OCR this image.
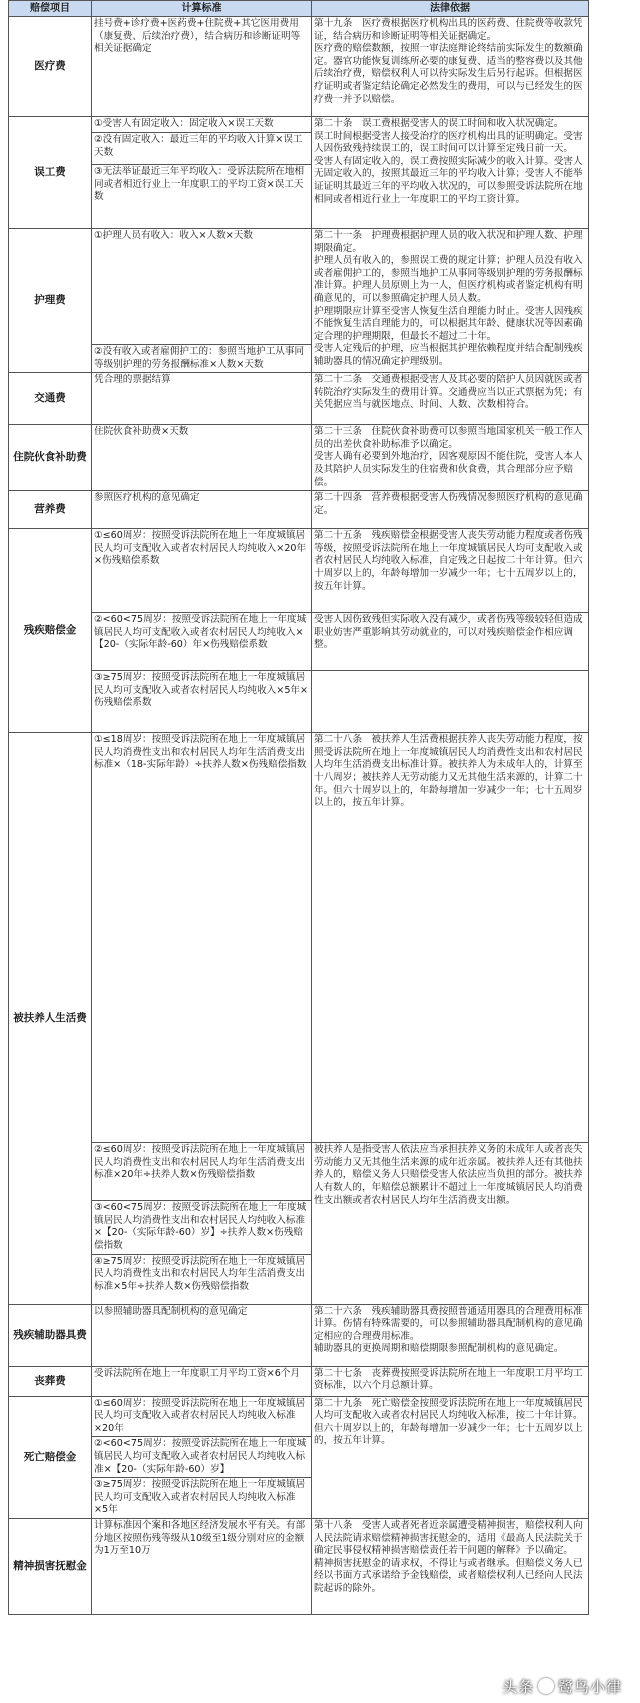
赔偿项目	计算标准	法律依据
医疗费	挂号费+诊疗费+医药费+住院费+其它医用费用（康复费、后续治疗费），结合病历和诊断证明等相关证据确定	第十九条　医疗费根据医疗机构出具的医药费、住院费等收款凭证，结合病历和诊断证明等相关证据确定。
医疗费的赔偿数额，按照一审法庭辩论终结前实际发生的数额确定。器官功能恢复训练所必要的康复费、适当的整容费以及其他后续治疗费，赔偿权利人可以待实际发生后另行起诉。但根据医疗证明或者鉴定结论确定必然发生的费用，可以与已经发生的医疗费一并予以赔偿。

误工费	①受害人有固定收入：固定收入×误工天数	第二十条　误工费根据受害人的误工时间和收入状况确定。
误工时间根据受害人接受治疗的医疗机构出具的证明确定。受害人因伤致残持续误工的，误工时间可以计算至定残日前一天。
受害人有固定收入的，误工费按照实际减少的收入计算。受害人无固定收入的，按照其最近三年的平均收入计算；受害人不能举证证明其最近三年的平均收入状况的，可以参照受诉法院所在地相同或者相近行业上一年度职工的平均工资计算。

	②没有固定收入：最近三年的平均收入计算×误工天数	

	③无法举证最近三年平均收入：受诉法院所在地相同或者相近行业上一年度职工的平均工资×误工天数	

护理费	①护理人员有收入：收入×人数×天数	第二十一条　护理费根据护理人员的收入状况和护理人数、护理期限确定。
护理人员有收入的，参照误工费的规定计算；护理人员没有收入或者雇佣护工的，参照当地护工从事同等级别护理的劳务报酬标准计算。护理人员原则上为一人，但医疗机构或者鉴定机构有明确意见的，可以参照确定护理人员人数。
护理期限应计算至受害人恢复生活自理能力时止。受害人因残疾不能恢复生活自理能力的，可以根据其年龄、健康状况等因素确定合理的护理期限，但最长不超过二十年。
受害人定残后的护理，应当根据其护理依赖程度并结合配制残疾辅助器具的情况确定护理级别。

	②没有收入或者雇佣护工的：参照当地护工从事同等级别护理的劳务报酬标准×人数×天数	

交通费	凭合理的票据结算	第二十二条　交通费根据受害人及其必要的陪护人员因就医或者转院治疗实际发生的费用计算。交通费应当以正式票据为凭；有关凭据应当与就医地点、时间、人数、次数相符合。

住院伙食补助费	住院伙食补助费×天数	第二十三条　住院伙食补助费可以参照当地国家机关一般工作人员的出差伙食补助标准予以确定。
受害人确有必要到外地治疗，因客观原因不能住院，受害人本人及其陪护人员实际发生的住宿费和伙食费，其合理部分应予赔偿。

营养费	参照医疗机构的意见确定	第二十四条　营养费根据受害人伤残情况参照医疗机构的意见确定。

残疾赔偿金	①≤60周岁：按照受诉法院所在地上一年度城镇居民人均可支配收入或者农村居民人均纯收入×20年×伤残赔偿系数	第二十五条　残疾赔偿金根据受害人丧失劳动能力程度或者伤残等级，按照受诉法院所在地上一年度城镇居民人均可支配收入或者农村居民人均纯收入标准，自定残之日起按二十年计算。但六十周岁以上的，年龄每增加一岁减少一年；七十五周岁以上的，按五年计算。

	②<60<75周岁：按照受诉法院所在地上一年度城镇居民人均可支配收入或者农村居民人均纯收入×【20-（实际年龄-60）年×伤残赔偿系数	受害人因伤致残但实际收入没有减少，或者伤残等级较轻但造成职业妨害严重影响其劳动就业的，可以对残疾赔偿金作相应调整。

	③≥75周岁：按照受诉法院所在地上一年度城镇居民人均可支配收入或者农村居民人均纯收入×5年×伤残赔偿系数	

被扶养人生活费	①≤18周岁：按照受诉法院所在地上一年度城镇居民人均消费性支出和农村居民人均年生活消费支出标准×（18-实际年龄）÷扶养人数×伤残赔偿指数	第二十八条　被扶养人生活费根据扶养人丧失劳动能力程度，按照受诉法院所在地上一年度城镇居民人均消费性支出和农村居民人均年生活消费支出标准计算。被扶养人为未成年人的，计算至十八周岁；被扶养人无劳动能力又无其他生活来源的，计算二十年。但六十周岁以上的，年龄每增加一岁减少一年；七十五周岁以上的，按五年计算。

	②≤60周岁：按照受诉法院所在地上一年度城镇居民人均消费性支出和农村居民人均年生活消费支出标准×20年÷扶养人数×伤残赔偿指数	被扶养人是指受害人依法应当承担扶养义务的未成年人或者丧失劳动能力又无其他生活来源的成年近亲属。被扶养人还有其他扶养人的，赔偿义务人只赔偿受害人依法应当负担的部分。被扶养人有数人的，年赔偿总额累计不超过上一年度城镇居民人均消费性支出额或者农村居民人均年生活消费支出额。

	③<60<75周岁：按照受诉法院所在地上一年度城镇居民人均消费性支出和农村居民人均纯收入标准×【20-（实际年龄-60）岁】÷扶养人数×伤残赔偿指数	

	④≥75周岁：按照受诉法院所在地上一年度城镇居民人均消费性支出和农村居民人均年生活消费支出标准×5年÷扶养人数×伤残赔偿指数	

残疾辅助器具费	以参照辅助器具配制机构的意见确定	第二十六条　残疾辅助器具费按照普通适用器具的合理费用标准计算。伤情有特殊需要的，可以参照辅助器具配制机构的意见确定相应的合理费用标准。
辅助器具的更换周期和赔偿期限参照配制机构的意见确定。

丧葬费	受诉法院所在地上一年度职工月平均工资×6个月	第二十七条　丧葬费按照受诉法院所在地上一年度职工月平均工资标准，以六个月总额计算。

死亡赔偿金	①≤60周岁：按照受诉法院所在地上一年度城镇居民人均可支配收入或者农村居民人均纯收入标准×20年	第二十九条　死亡赔偿金按照受诉法院所在地上一年度城镇居民人均可支配收入或者农村居民人均纯收入标准，按二十年计算。但六十周岁以上的，年龄每增加一岁减少一年；七十五周岁以上的，按五年计算。

	②<60<75周岁：按照受诉法院所在地上一年度城镇居民人均可支配收入或者农村居民人均纯收入标准×【20-（实际年龄-60）岁】	

	③≥75周岁：按照受诉法院所在地上一年度城镇居民人均可支配收入或者农村居民人均纯收入标准×5年	

精神损害抚慰金	计算标准因个案和各地区经济发展水平有关。有部分地区按照伤残等级从10级至1级分别对应的金额为1万至10万	第十八条　受害人或者死者近亲属遭受精神损害，赔偿权利人向人民法院请求赔偿精神损害抚慰金的，适用《最高人民法院关于确定民事侵权精神损害赔偿责任若干问题的解释》予以确定。
精神损害抚慰金的请求权，不得让与或者继承。但赔偿义务人已经以书面方式承诺给予金钱赔偿，或者赔偿权利人已经向人民法院起诉的除外。
头条 鹭鸟小律
